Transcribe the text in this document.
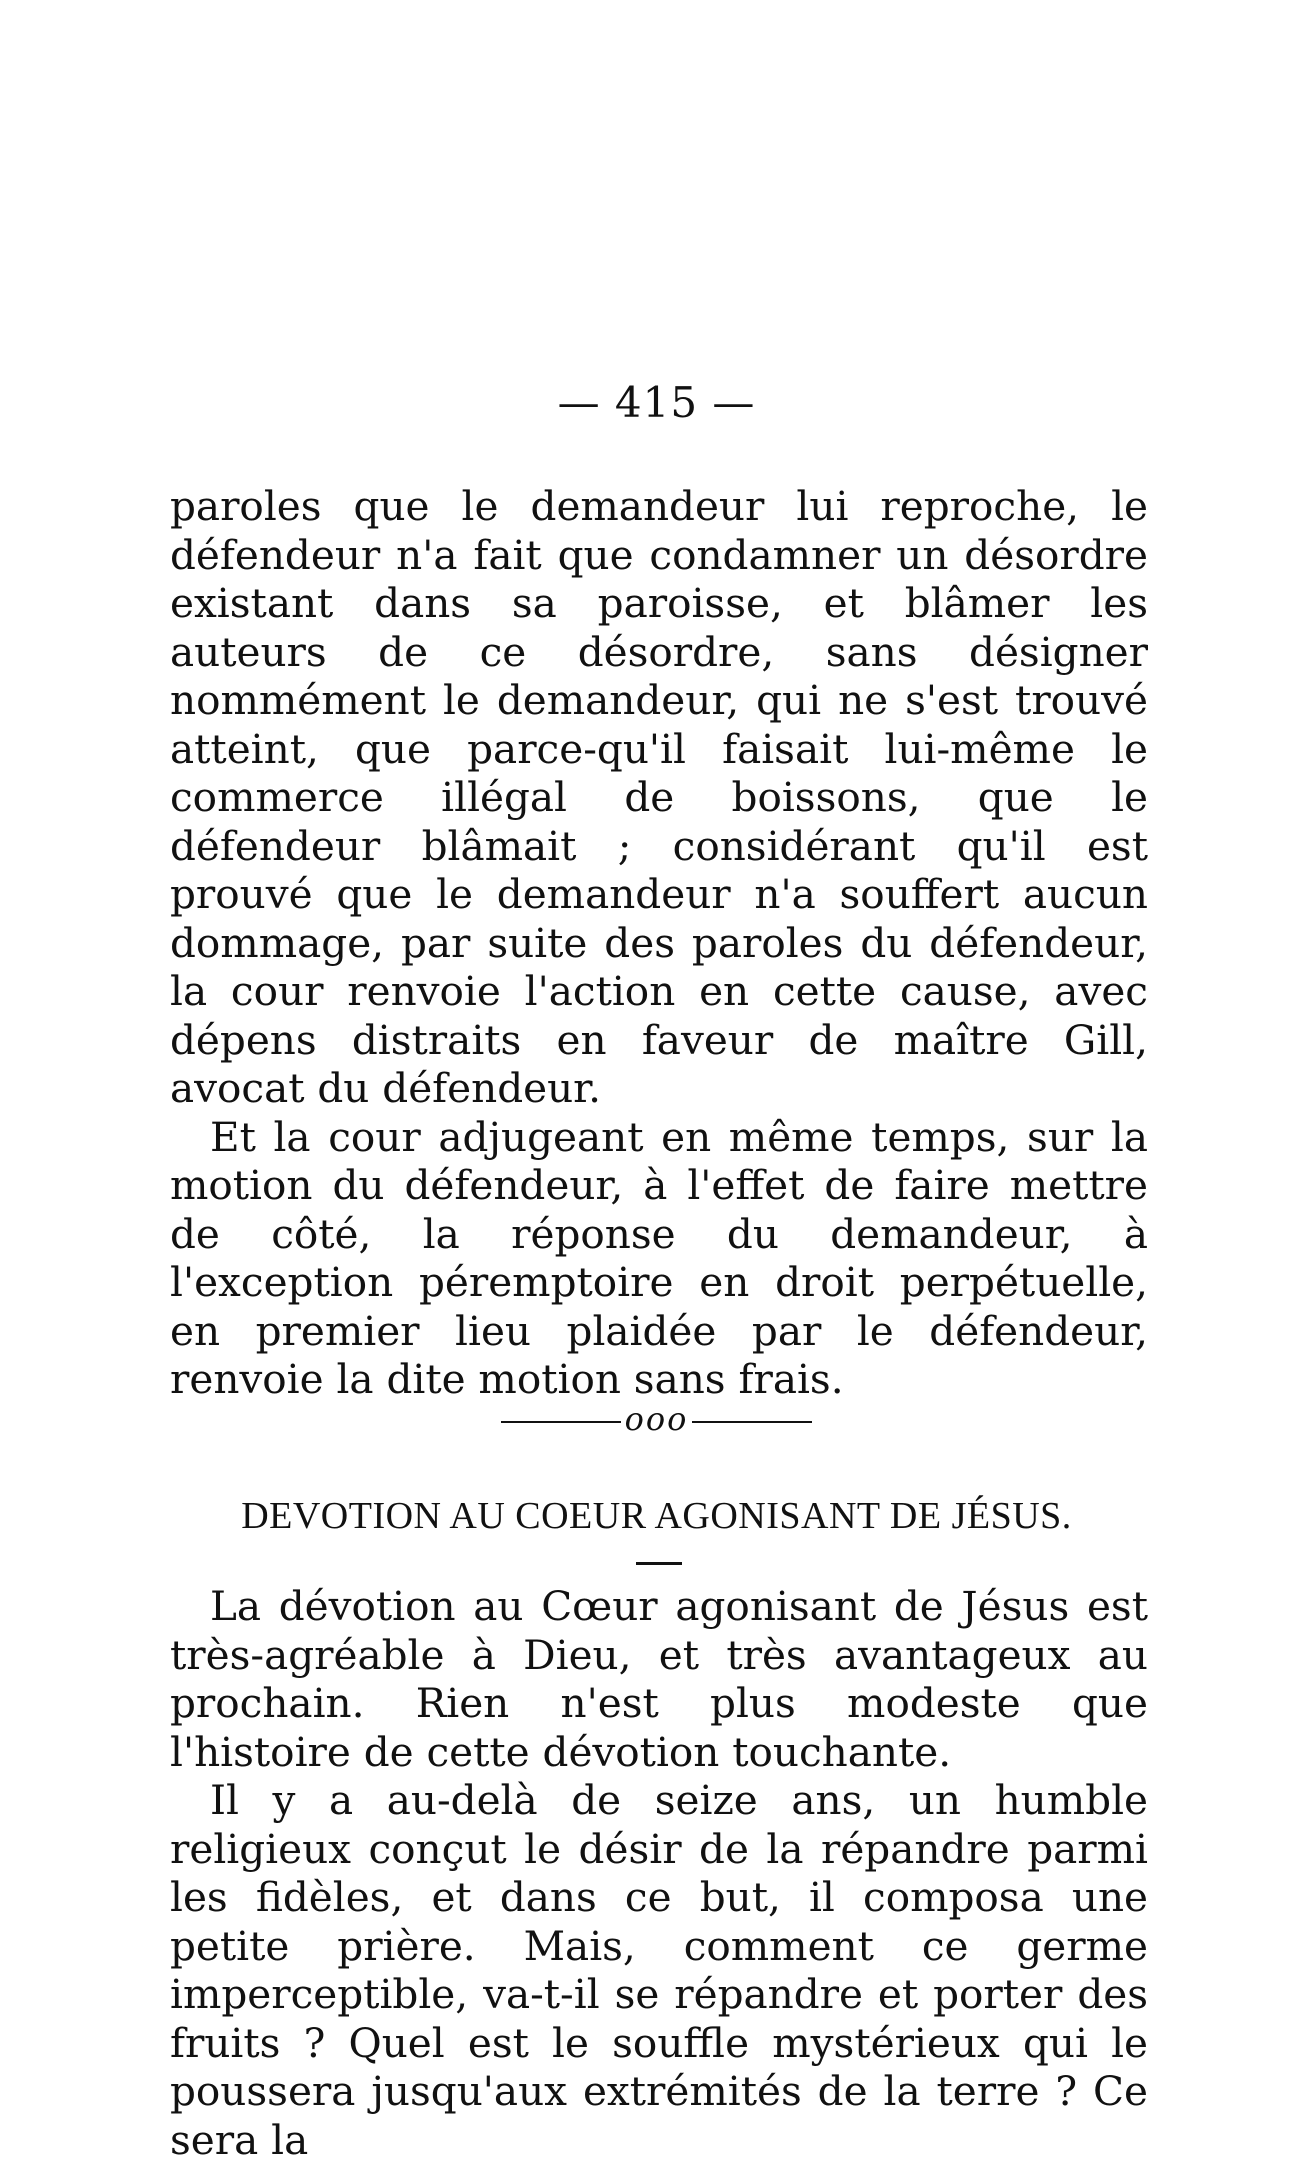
— 415 —

paroles que le demandeur lui reproche, le défendeur n'a fait que condamner un désordre existant dans sa paroisse, et blâmer les auteurs de ce désordre, sans désigner nommément le demandeur, qui ne s'est trouvé atteint, que parce-qu'il faisait lui-même le commerce illégal de boissons, que le défendeur blâmait ; considérant qu'il est prouvé que le demandeur n'a souffert aucun dommage, par suite des paroles du défendeur, la cour renvoie l'action en cette cause, avec dépens distraits en faveur de maître Gill, avocat du défendeur.

Et la cour adjugeant en même temps, sur la motion du défendeur, à l'effet de faire mettre de côté, la réponse du demandeur, à l'exception péremptoire en droit perpétuelle, en premier lieu plaidée par le défendeur, renvoie la dite motion sans frais.

ooo
DEVOTION AU COEUR AGONISANT DE JÉSUS.

La dévotion au Cœur agonisant de Jésus est très-agréable à Dieu, et très avantageux au prochain. Rien n'est plus modeste que l'histoire de cette dévotion touchante.

Il y a au-delà de seize ans, un humble religieux conçut le désir de la répandre parmi les fidèles, et dans ce but, il composa une petite prière. Mais, comment ce germe imperceptible, va-t-il se répandre et porter des fruits ? Quel est le souffle mystérieux qui le poussera jusqu'aux extrémités de la terre ? Ce sera la
